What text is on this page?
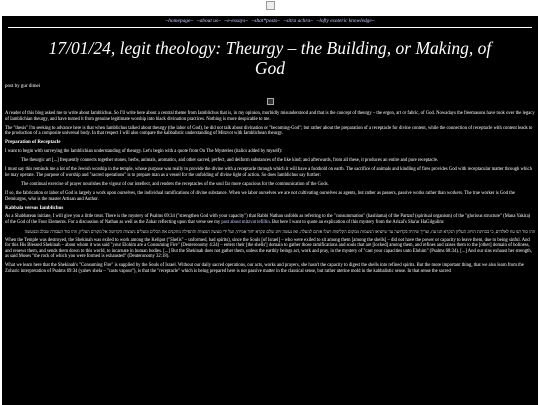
~homepage~ ~about us~ ~e-essays~ ~shat*posts~ ~sitra achra~ ~lofty esoteric knowledge~
17/01/24, legit theology: Theurgy – the Building, or Making, of God
post by gur dimei

A reader of this blog asked me to write about Iamblichus. So I'll write here about a central theme from Iamblichus that is, in my opinion, morbidly misunderstood and that is the concept of theurgy – the ergon, art or fabric, of God. Nowadays the freemasons have took over the legacy of Iamblichian theurgy, and have turned it from genuine legitimate worship into black divination practices. Nothing is more despicable to me.

The "thesis" I'm seeking to advance here is that when Iamblichus talked about theurgy (the labor of God), he did not talk about divination or "becoming-God"; but rather about the preparation of a receptacle for divine content, while the connection of receptacle with content leads to the production of a composite universal body. In that respect I will also compare the kabbalistic understanding of Mitzvot with Iamblichean theurgy.

Preparation of Receptacle

I want to begin with surveying the Iamblichian understanding of theurgy. Let's begin with a quote from On The Mysteries (italics added by myself):

The theurgic art [...] frequently connects together stones, herbs, animals, aromatics, and other sacred, perfect, and deiform substances of the like kind; and afterwards, from all these, it produces an entire and pure receptacle.

I must say this reminds me a lot of the Jewish worship in the temple, whose purpose was really to provide the divine with a receptacle through which it will have a foothold on earth. The sacrifice of animals and kindling of fires provides God with receptacular matter through which he may operate. The purpose of worship and "sacred operations" is to prepare man as a vessel for the unfolding of divine light of action. So does Iamblichus say further:

The continual exercise of prayer nourishes the vigour of our intellect, and renders the receptacles of the soul far more capacious for the communication of the Gods.

If so, the fabrication or labor of God is largely a work upon ourselves, the individual ramifications of divine substance. When we labor ourselves we are not cultivating ourselves as agents, but rather as passers, passive works rather than workers. The true worker is God the Demiurgos, who is the master Artisan and Author.

Kabbala versus Iamblichus

As a Shabbatean initiate, I will give you a little treat. There is the mystery of Psalms 69:34 ("strengthen God with your capacity") that Rabbi Nathan unfolds as referring to the "consummation" (hashlama) of the Partzuf (spiritual organism) of the "glorious structure" (Mana Yakira) of the God of the Four Elements. For a discussion of Nathan as well as the Zohar reflecting upon that verse see my post about mitzvat tefillin. But here I want to quote an explication of this mystery from the Arizal's Sha'ar HaGilgulim:

וזהו סוד תנו עוז לאלהים, כי בבחינת הזיווג העליון הנקרא תנו עוז, וצריך שיהיה בקדושה עד שיוציאו הנשמות ממקום הקליפות ויעלו אותם למעלה, ואז נעשה זיווג שלם ונקרא יחוד אמיתי, ועל ידי מעשה המצוות והתפילה מתקנים את הכלים ומעלים ניצוצות הקדושה אל מקורם העליון, וזהו סוד העבודה שבלב ובמעשה

When the Temple was destroyed, the Shekinah was exiled to work among the Kelipot ("Shells" – unformed, bad spirits), since the Souls [of Israel] – who were exiled to sit among them [among the shells] – did not have the power or capacity to leave them, due to being sinful. And for this His Blessed Shekinah – about whom it was said "your Elohim are a Consuming Fire" (Deuteronomy 4:24) – enters their [the shells'] domain to gather those ramifications and souls that are [locked] among them, and refines and raises them to the [other] domain of holiness, and renews them, and sends them down to this world, to incarnate in human bodies. [...] But the Shekinah does not gather them, unless the earthly beings act, work and pray, in the mystery of "cast your capacities unto Elohim" (Psalms 68:34). [...] And our sins exhaust her strength, as said Moses "the rock of which you were formed is exhausted" (Deuteronomy 32:18).

What we learn here that the Shekinah's "Consuming Fire" is supplied by the Souls of Israel. Without our daily sacred operations, our acts, works and prayers, she hasn't the capacity to digest the shells into refined spirits. But the more important thing, that we also learn from the Zoharic interpretation of Psalms 69:34 (yahev shela – "casts vapour"), is that the "receptacle" which is being prepared here is not passive matter in the classical sense, but rather uterine mold in the kabbalistic sense. In that sense the sacred
